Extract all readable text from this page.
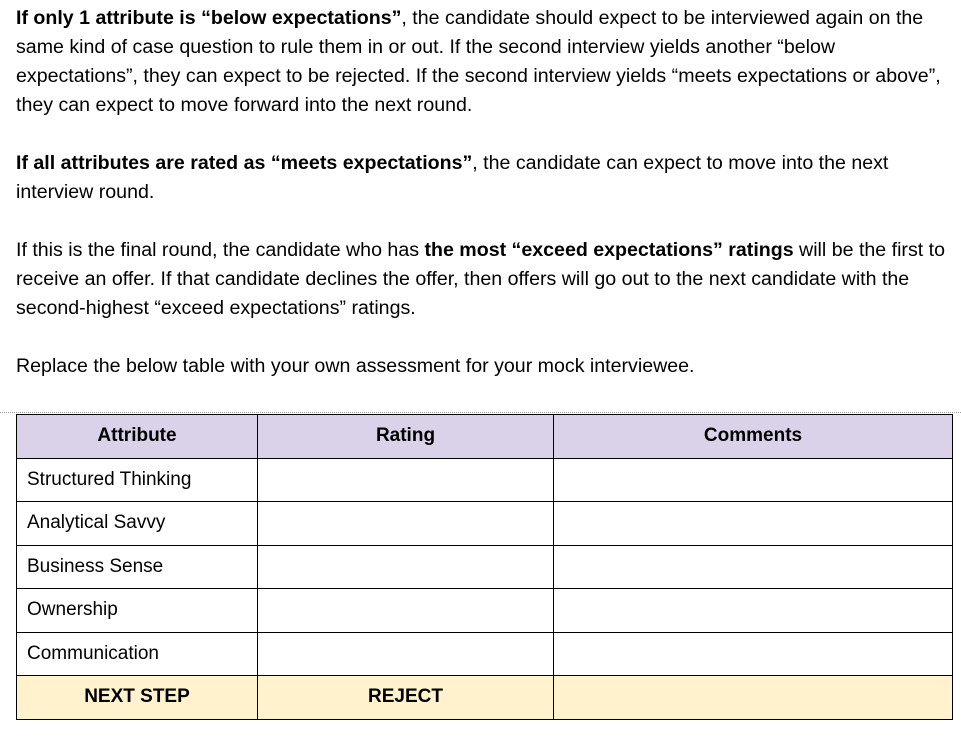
If only 1 attribute is “below expectations”, the candidate should expect to be interviewed again on the same kind of case question to rule them in or out. If the second interview yields another “below expectations”, they can expect to be rejected. If the second interview yields “meets expectations or above”, they can expect to move forward into the next round.

If all attributes are rated as “meets expectations”, the candidate can expect to move into the next interview round.

If this is the final round, the candidate who has the most “exceed expectations” ratings will be the first to receive an offer. If that candidate declines the offer, then offers will go out to the next candidate with the second-highest “exceed expectations” ratings.

Replace the below table with your own assessment for your mock interviewee.

Attribute	Rating	Comments
Structured Thinking		
Analytical Savvy		
Business Sense		
Ownership		
Communication		
NEXT STEP	REJECT	
